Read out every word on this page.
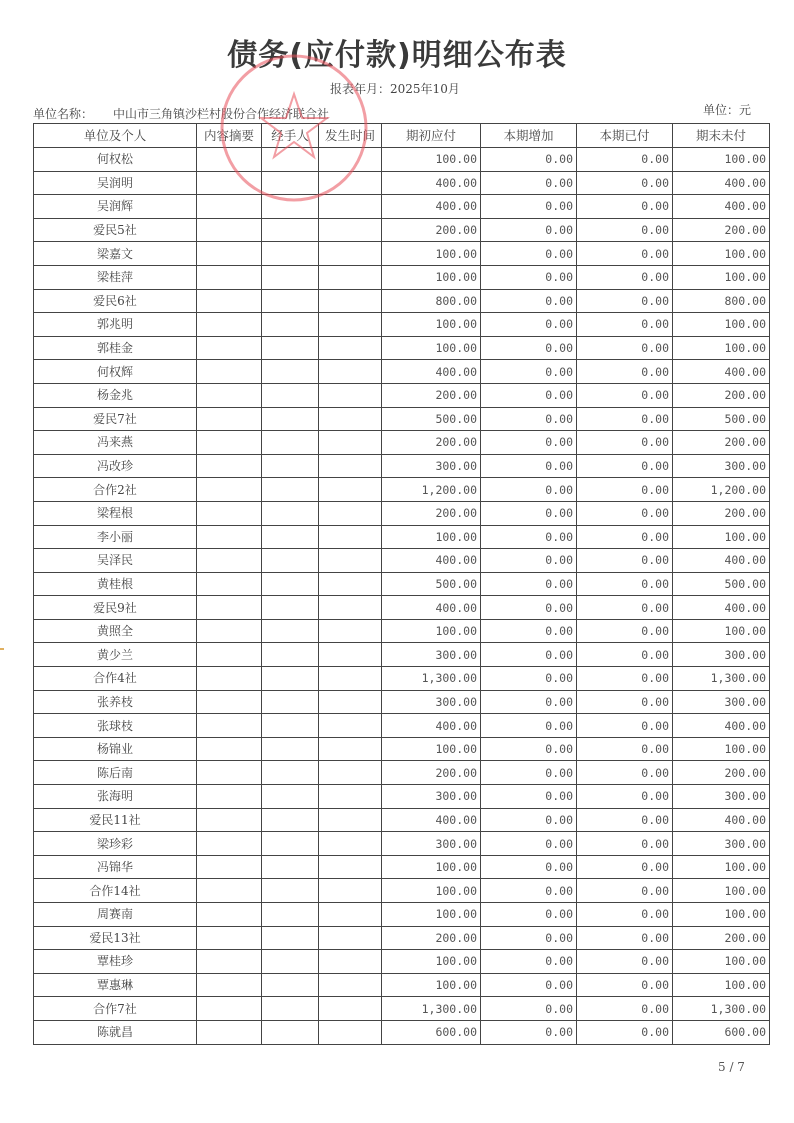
债务(应付款)明细公布表
报表年月：2025年10月
单位名称： 中山市三角镇沙栏村股份合作经济联合社	单位：元
单位及个人	内容摘要	经手人	发生时间	期初应付	本期增加	本期已付	期末未付
何权松				100.00	0.00	0.00	100.00
吴润明				400.00	0.00	0.00	400.00
吴润辉				400.00	0.00	0.00	400.00
爱民5社				200.00	0.00	0.00	200.00
梁嘉文				100.00	0.00	0.00	100.00
梁桂萍				100.00	0.00	0.00	100.00
爱民6社				800.00	0.00	0.00	800.00
郭兆明				100.00	0.00	0.00	100.00
郭桂金				100.00	0.00	0.00	100.00
何权辉				400.00	0.00	0.00	400.00
杨金兆				200.00	0.00	0.00	200.00
爱民7社				500.00	0.00	0.00	500.00
冯来燕				200.00	0.00	0.00	200.00
冯改珍				300.00	0.00	0.00	300.00
合作2社				1,200.00	0.00	0.00	1,200.00
梁程根				200.00	0.00	0.00	200.00
李小丽				100.00	0.00	0.00	100.00
吴泽民				400.00	0.00	0.00	400.00
黄桂根				500.00	0.00	0.00	500.00
爱民9社				400.00	0.00	0.00	400.00
黄照全				100.00	0.00	0.00	100.00
黄少兰				300.00	0.00	0.00	300.00
合作4社				1,300.00	0.00	0.00	1,300.00
张养枝				300.00	0.00	0.00	300.00
张球枝				400.00	0.00	0.00	400.00
杨锦业				100.00	0.00	0.00	100.00
陈后南				200.00	0.00	0.00	200.00
张海明				300.00	0.00	0.00	300.00
爱民11社				400.00	0.00	0.00	400.00
梁珍彩				300.00	0.00	0.00	300.00
冯锦华				100.00	0.00	0.00	100.00
合作14社				100.00	0.00	0.00	100.00
周赛南				100.00	0.00	0.00	100.00
爱民13社				200.00	0.00	0.00	200.00
覃桂珍				100.00	0.00	0.00	100.00
覃惠琳				100.00	0.00	0.00	100.00
合作7社				1,300.00	0.00	0.00	1,300.00
陈就昌				600.00	0.00	0.00	600.00
5 / 7
